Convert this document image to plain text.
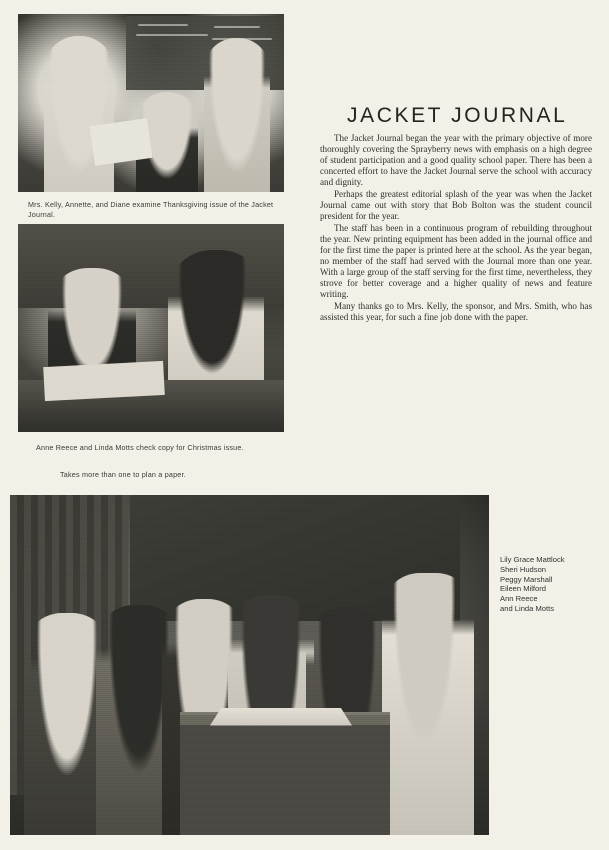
Mrs. Kelly, Annette, and Diane examine Thanksgiving issue of the Jacket Journal.
Anne Reece and Linda Motts check copy for Christmas issue.
Takes more than one to plan a paper.
JACKET JOURNAL

The Jacket Journal began the year with the primary objective of more thoroughly covering the Sprayberry news with emphasis on a high degree of student participation and a good quality school paper. There has been a concerted effort to have the Jacket Journal serve the school with accuracy and dignity.

Perhaps the greatest editorial splash of the year was when the Jacket Journal came out with story that Bob Bolton was the student council president for the year.

The staff has been in a continuous program of rebuilding throughout the year. New printing equipment has been added in the journal office and for the first time the paper is printed here at the school. As the year began, no member of the staff had served with the Journal more than one year. With a large group of the staff serving for the first time, nevertheless, they strove for better coverage and a higher quality of news and feature writing.

Many thanks go to Mrs. Kelly, the sponsor, and Mrs. Smith, who has assisted this year, for such a fine job done with the paper.

Lily Grace Mattlock
Sheri Hudson
Peggy Marshall
Eileen Milford
Ann Reece
and Linda Motts
